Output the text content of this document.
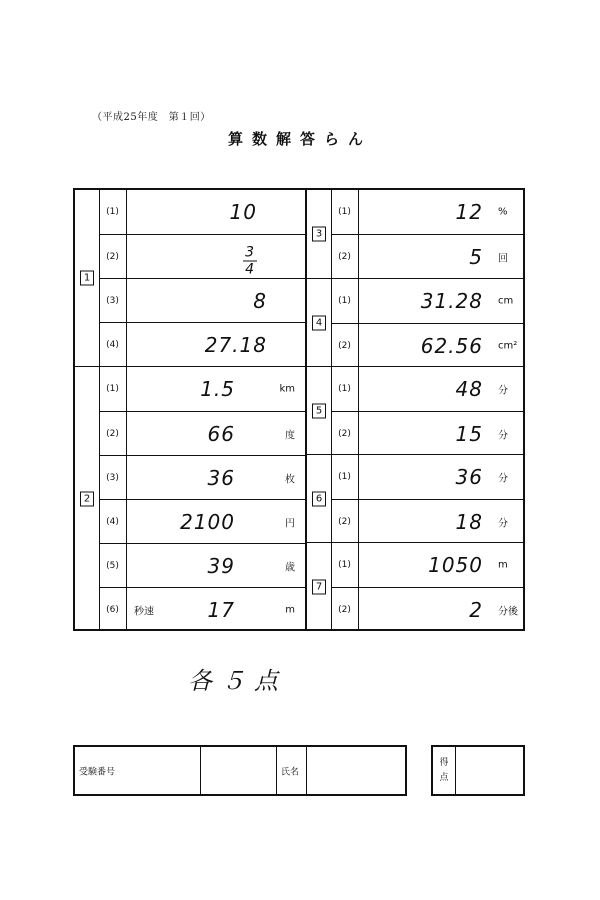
（平成25年度　第１回）
算数解答らん
1
(1)	10
(2)	$\frac{3}{4}$
(3)	8
(4)	27.18
2
(1)	1.5	km
(2)	66	度
(3)	36	枚
(4)	2100	円
(5)	39	歳
(6)	秒速	17	m
3
(1)	12 %
(2)	5 回
4
(1)	31.28 cm
(2)	62.56 cm²
5
(1)	48 分
(2)	15 分
6
(1)	36 分
(2)	18 分
7
(1)	1050 m
(2)	2 分後
各５点
受験番号	氏名
得
点
